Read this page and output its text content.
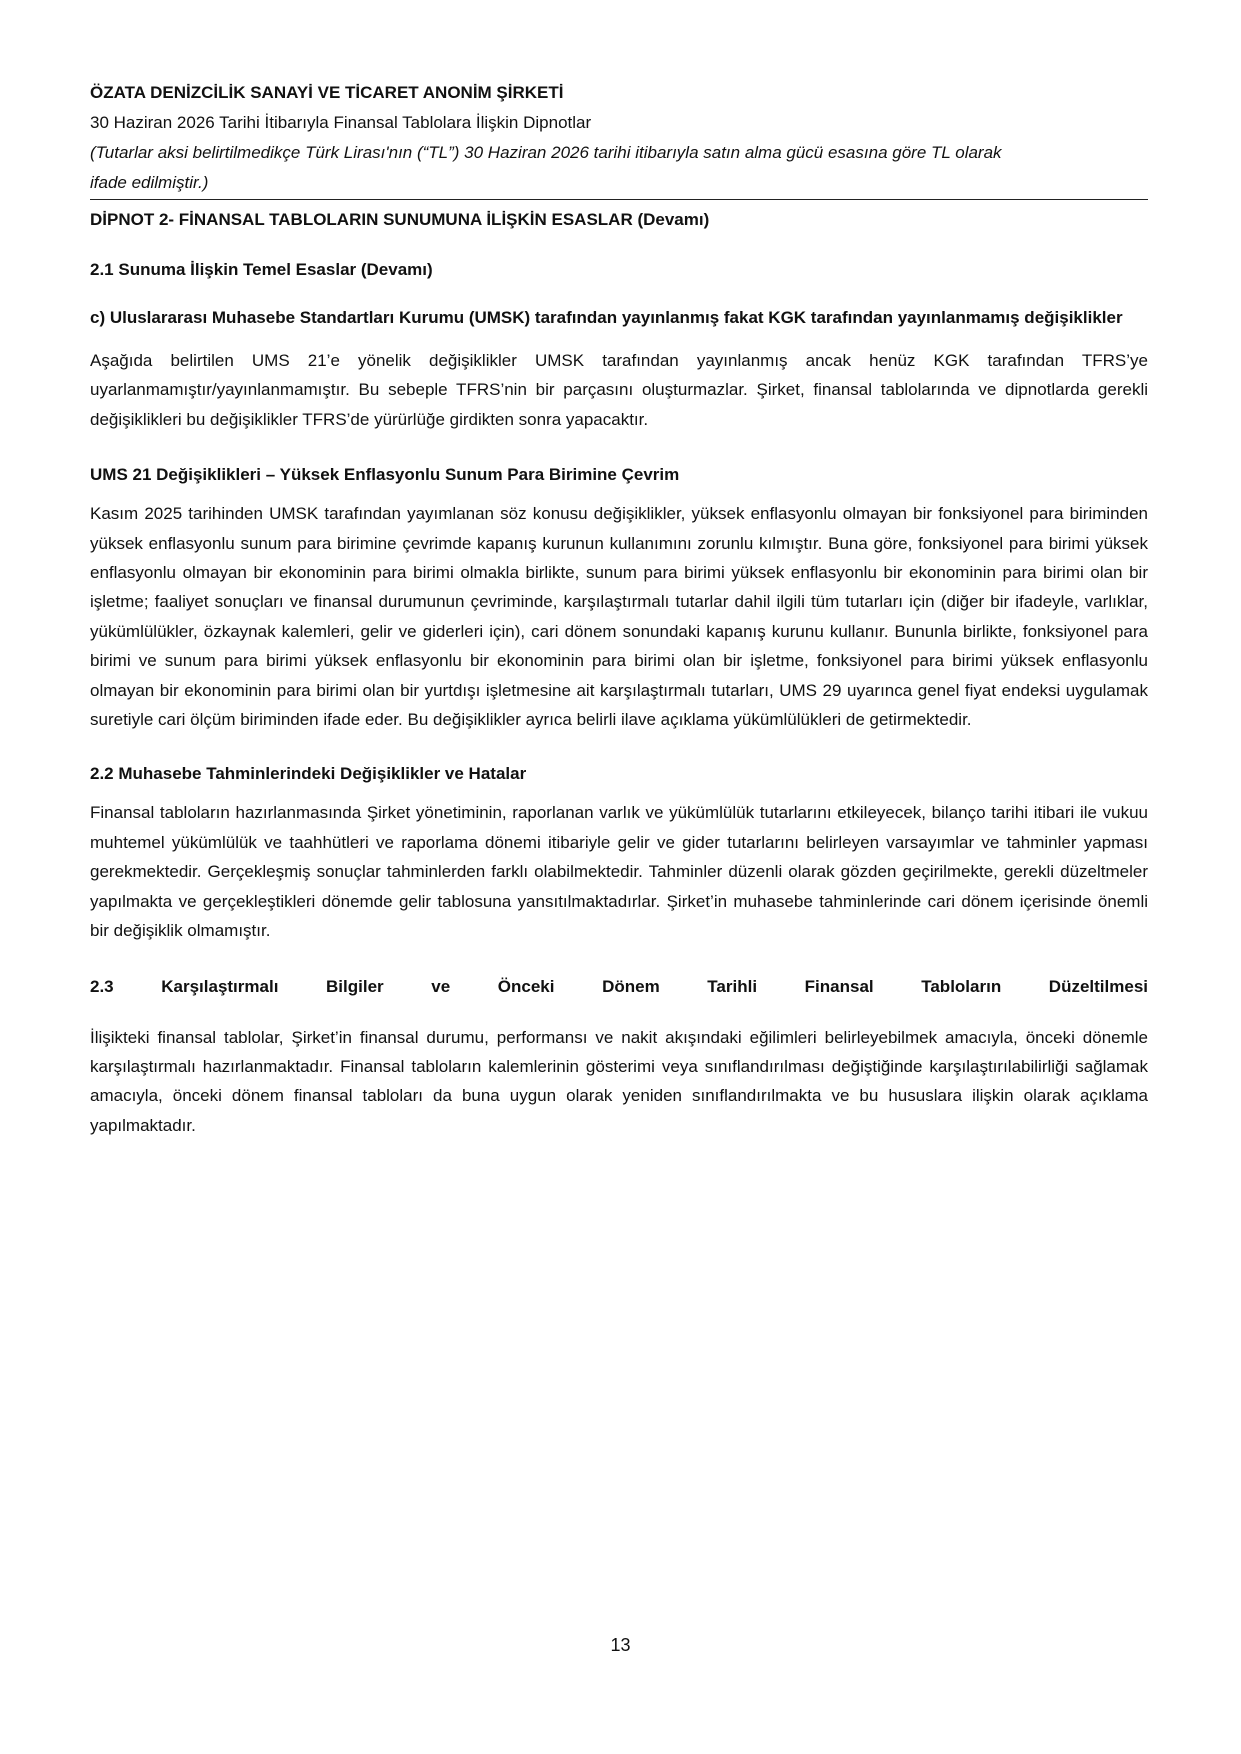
ÖZATA DENİZCİLİK SANAYİ VE TİCARET ANONİM ŞİRKETİ

30 Haziran 2026 Tarihi İtibarıyla Finansal Tablolara İlişkin Dipnotlar

(Tutarlar aksi belirtilmedikçe Türk Lirası'nın (“TL”) 30 Haziran 2026 tarihi itibarıyla satın alma gücü esasına göre TL olarak

ifade edilmiştir.)

DİPNOT 2- FİNANSAL TABLOLARIN SUNUMUNA İLİŞKİN ESASLAR (Devamı)

2.1 Sunuma İlişkin Temel Esaslar (Devamı)

c) Uluslararası Muhasebe Standartları Kurumu (UMSK) tarafından yayınlanmış fakat KGK tarafından yayınlanmamış değişiklikler

Aşağıda belirtilen UMS 21’e yönelik değişiklikler UMSK tarafından yayınlanmış ancak henüz KGK tarafından TFRS’ye uyarlanmamıştır/yayınlanmamıştır. Bu sebeple TFRS’nin bir parçasını oluşturmazlar. Şirket, finansal tablolarında ve dipnotlarda gerekli değişiklikleri bu değişiklikler TFRS’de yürürlüğe girdikten sonra yapacaktır.

UMS 21 Değişiklikleri – Yüksek Enflasyonlu Sunum Para Birimine Çevrim

Kasım 2025 tarihinden UMSK tarafından yayımlanan söz konusu değişiklikler, yüksek enflasyonlu olmayan bir fonksiyonel para biriminden yüksek enflasyonlu sunum para birimine çevrimde kapanış kurunun kullanımını zorunlu kılmıştır. Buna göre, fonksiyonel para birimi yüksek enflasyonlu olmayan bir ekonominin para birimi olmakla birlikte, sunum para birimi yüksek enflasyonlu bir ekonominin para birimi olan bir işletme; faaliyet sonuçları ve finansal durumunun çevriminde, karşılaştırmalı tutarlar dahil ilgili tüm tutarları için (diğer bir ifadeyle, varlıklar, yükümlülükler, özkaynak kalemleri, gelir ve giderleri için), cari dönem sonundaki kapanış kurunu kullanır. Bununla birlikte, fonksiyonel para birimi ve sunum para birimi yüksek enflasyonlu bir ekonominin para birimi olan bir işletme, fonksiyonel para birimi yüksek enflasyonlu olmayan bir ekonominin para birimi olan bir yurtdışı işletmesine ait karşılaştırmalı tutarları, UMS 29 uyarınca genel fiyat endeksi uygulamak suretiyle cari ölçüm biriminden ifade eder. Bu değişiklikler ayrıca belirli ilave açıklama yükümlülükleri de getirmektedir.

2.2 Muhasebe Tahminlerindeki Değişiklikler ve Hatalar

Finansal tabloların hazırlanmasında Şirket yönetiminin, raporlanan varlık ve yükümlülük tutarlarını etkileyecek, bilanço tarihi itibari ile vukuu muhtemel yükümlülük ve taahhütleri ve raporlama dönemi itibariyle gelir ve gider tutarlarını belirleyen varsayımlar ve tahminler yapması gerekmektedir. Gerçekleşmiş sonuçlar tahminlerden farklı olabilmektedir. Tahminler düzenli olarak gözden geçirilmekte, gerekli düzeltmeler yapılmakta ve gerçekleştikleri dönemde gelir tablosuna yansıtılmaktadırlar. Şirket’in muhasebe tahminlerinde cari dönem içerisinde önemli bir değişiklik olmamıştır.

2.3 Karşılaştırmalı Bilgiler ve Önceki Dönem Tarihli Finansal Tabloların Düzeltilmesi

İlişikteki finansal tablolar, Şirket’in finansal durumu, performansı ve nakit akışındaki eğilimleri belirleyebilmek amacıyla, önceki dönemle karşılaştırmalı hazırlanmaktadır. Finansal tabloların kalemlerinin gösterimi veya sınıflandırılması değiştiğinde karşılaştırılabilirliği sağlamak amacıyla, önceki dönem finansal tabloları da buna uygun olarak yeniden sınıflandırılmakta ve bu hususlara ilişkin olarak açıklama yapılmaktadır.

13
